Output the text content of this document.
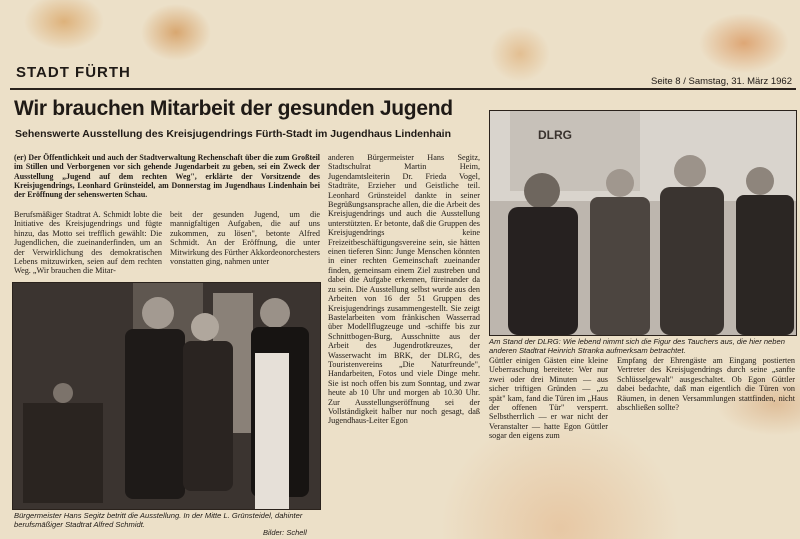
STADT FÜRTH
Seite 8 / Samstag, 31. März 1962
Wir brauchen Mitarbeit der gesunden Jugend
Sehenswerte Ausstellung des Kreisjugendrings Fürth-Stadt im Jugendhaus Lindenhain

(er) Der Öffentlichkeit und auch der Stadtverwaltung Rechenschaft über die zum Großteil im Stillen und Verborgenen vor sich gehende Jugendarbeit zu geben, sei ein Zweck der Ausstellung „Jugend auf dem rechten Weg", erklärte der Vorsitzende des Kreisjugendrings, Leonhard Grünsteidel, am Donnerstag im Jugendhaus Lindenhain bei der Eröffnung der sehenswerten Schau.

Berufsmäßiger Stadtrat A. Schmidt lobte die Initiative des Kreisjugendrings und fügte hinzu, das Motto sei trefflich gewählt: Die Jugendlichen, die zueinanderfinden, um an der Verwirklichung des demokratischen Lebens mitzuwirken, seien auf dem rechten Weg. „Wir brauchen die Mitar-

beit der gesunden Jugend, um die mannigfaltigen Aufgaben, die auf uns zukommen, zu lösen", betonte Alfred Schmidt. An der Eröffnung, die unter Mitwirkung des Fürther Akkordeonorchesters vonstatten ging, nahmen unter

anderen Bürgermeister Hans Segitz, Stadtschulrat Martin Heim, Jugendamtsleiterin Dr. Frieda Vogel, Stadträte, Erzieher und Geistliche teil. Leonhard Grünsteidel dankte in seiner Begrüßungsansprache allen, die die Arbeit des Kreisjugendrings und auch die Ausstellung unterstützten. Er betonte, daß die Gruppen des Kreisjugendrings keine Freizeitbeschäftigungsvereine sein, sie hätten einen tieferen Sinn: Junge Menschen könnten in einer rechten Gemeinschaft zueinander finden, gemeinsam einem Ziel zustreben und dabei die Aufgabe erkennen, füreinander da zu sein. Die Ausstellung selbst wurde aus den Arbeiten von 16 der 51 Gruppen des Kreisjugendrings zusammengestellt. Sie zeigt Bastelarbeiten vom fränkischen Wasserrad über Modellflugzeuge und -schiffe bis zur Schnittbogen-Burg, Ausschnitte aus der Arbeit des Jugendrotkreuzes, der Wasserwacht im BRK, der DLRG, des Touristenvereins „Die Naturfreunde", Handarbeiten, Fotos und viele Dinge mehr. Sie ist noch offen bis zum Sonntag, und zwar heute ab 10 Uhr und morgen ab 10.30 Uhr. Zur Ausstellungseröffnung sei der Vollständigkeit halber nur noch gesagt, daß Jugendhaus-Leiter Egon

Güttler einigen Gästen eine kleine Ueberraschung bereitete: Wer nur zwei oder drei Minuten — aus sicher triftigen Gründen — „zu spät" kam, fand die Türen im „Haus der offenen Tür" versperrt. Selbstherrlich — er war nicht der Veranstalter — hatte Egon Güttler sogar den eigens zum

Empfang der Ehrengäste am Eingang postierten Vertreter des Kreisjugendrings durch seine „sanfte Schlüsselgewalt" ausgeschaltet. Ob Egon Güttler dabei bedachte, daß man eigentlich die Türen von Räumen, in denen Versammlungen stattfinden, nicht abschließen sollte?

Bürgermeister Hans Segitz betritt die Ausstellung. In der Mitte L. Grünsteidel, dahinter berufsmäßiger Stadtrat Alfred Schmidt.
Bilder: Schell
DLRG
Am Stand der DLRG: Wie lebend nimmt sich die Figur des Tauchers aus, die hier neben anderen Stadtrat Heinrich Stranka aufmerksam betrachtet.
